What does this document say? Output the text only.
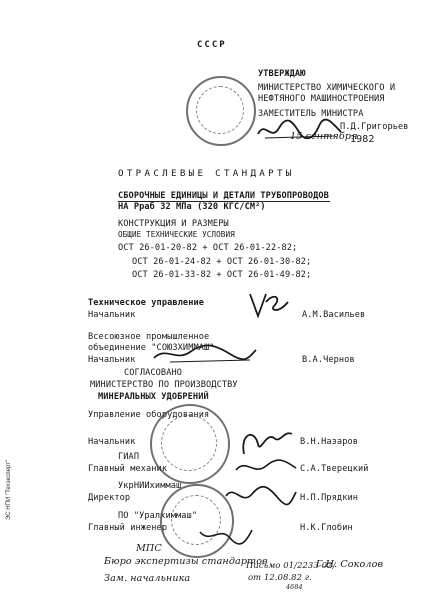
СССР
УТВЕРЖДАЮ
МИНИСТЕРСТВО ХИМИЧЕСКОГО И
НЕФТЯНОГО МАШИНОСТРОЕНИЯ
ЗАМЕСТИТЕЛЬ МИНИСТРА
П.Д.Григорьев
15 сентября
1982
ОТРАСЛЕВЫЕ СТАНДАРТЫ
СБОРОЧНЫЕ ЕДИНИЦЫ И ДЕТАЛИ ТРУБОПРОВОДОВ
НА Pраб 32 МПа (320 КГС/СМ²)
КОНСТРУКЦИЯ И РАЗМЕРЫ
ОБЩИЕ ТЕХНИЧЕСКИЕ УСЛОВИЯ
ОСТ 26-01-20-82 + ОСТ 26-01-22-82;
ОСТ 26-01-24-82 + ОСТ 26-01-30-82;
ОСТ 26-01-33-82 + ОСТ 26-01-49-82;
Техническое управление
Начальник	А.М.Васильев
Всесоюзное промышленное
объединение "СОЮЗХИММАШ"
Начальник	В.А.Чернов
СОГЛАСОВАНО
МИНИСТЕРСТВО ПО ПРОИЗВОДСТВУ
МИНЕРАЛЬНЫХ УДОБРЕНИЙ
Управление оборудования
Начальник	В.Н.Назаров
ГИАП
Главный механик	С.А.Тверецкий
УкрНИИхиммаш
Директор	Н.П.Прядкин
ПО "Уралхиммаш"
Главный инженер	Н.К.Глобин
МПС
Бюро экспертизы стандартов
Зам. начальника
Письмо 01/2233-02/
от 12.08.82 г.
Г.Н. Соколов
4684
ЭС НПИ "Техэксперт"
